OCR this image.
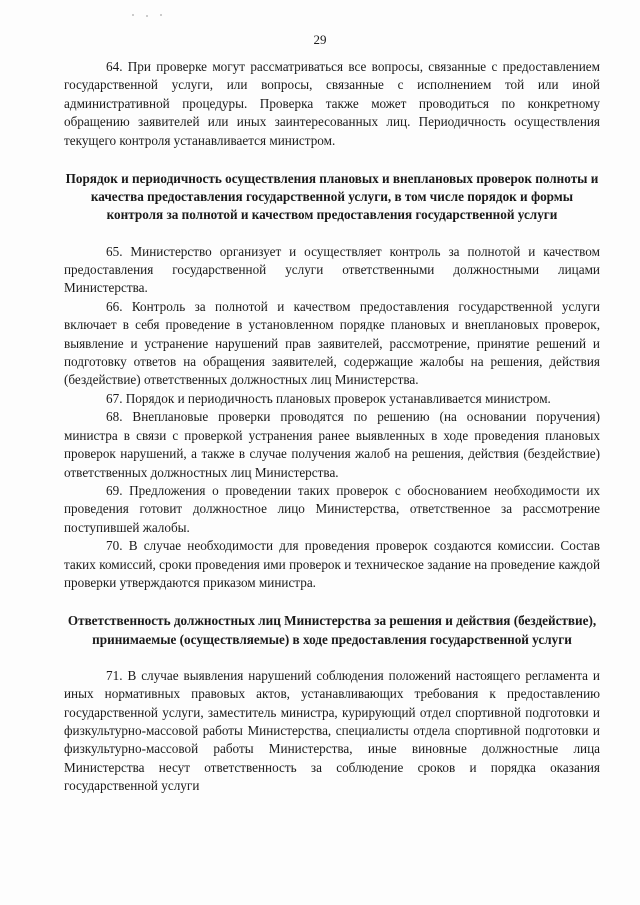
29

64. При проверке могут рассматриваться все вопросы, связанные с предоставлением государственной услуги, или вопросы, связанные с исполнением той или иной административной процедуры. Проверка также может проводиться по конкретному обращению заявителей или иных заинтересованных лиц. Периодичность осуществления текущего контроля устанавливается министром.

Порядок и периодичность осуществления плановых и внеплановых проверок полноты и качества предоставления государственной услуги, в том числе порядок и формы контроля за полнотой и качеством предоставления государственной услуги

65. Министерство организует и осуществляет контроль за полнотой и качеством предоставления государственной услуги ответственными должностными лицами Министерства.

66. Контроль за полнотой и качеством предоставления государственной услуги включает в себя проведение в установленном порядке плановых и внеплановых проверок, выявление и устранение нарушений прав заявителей, рассмотрение, принятие решений и подготовку ответов на обращения заявителей, содержащие жалобы на решения, действия (бездействие) ответственных должностных лиц Министерства.

67. Порядок и периодичность плановых проверок устанавливается министром.

68. Внеплановые проверки проводятся по решению (на основании поручения) министра в связи с проверкой устранения ранее выявленных в ходе проведения плановых проверок нарушений, а также в случае получения жалоб на решения, действия (бездействие) ответственных должностных лиц Министерства.

69. Предложения о проведении таких проверок с обоснованием необходимости их проведения готовит должностное лицо Министерства, ответственное за рассмотрение поступившей жалобы.

70. В случае необходимости для проведения проверок создаются комиссии. Состав таких комиссий, сроки проведения ими проверок и техническое задание на проведение каждой проверки утверждаются приказом министра.

Ответственность должностных лиц Министерства за решения и действия (бездействие), принимаемые (осуществляемые) в ходе предоставления государственной услуги

71. В случае выявления нарушений соблюдения положений настоящего регламента и иных нормативных правовых актов, устанавливающих требования к предоставлению государственной услуги, заместитель министра, курирующий отдел спортивной подготовки и физкультурно-массовой работы Министерства, специалисты отдела спортивной подготовки и физкультурно-массовой работы Министерства, иные виновные должностные лица Министерства несут ответственность за соблюдение сроков и порядка оказания государственной услуги
